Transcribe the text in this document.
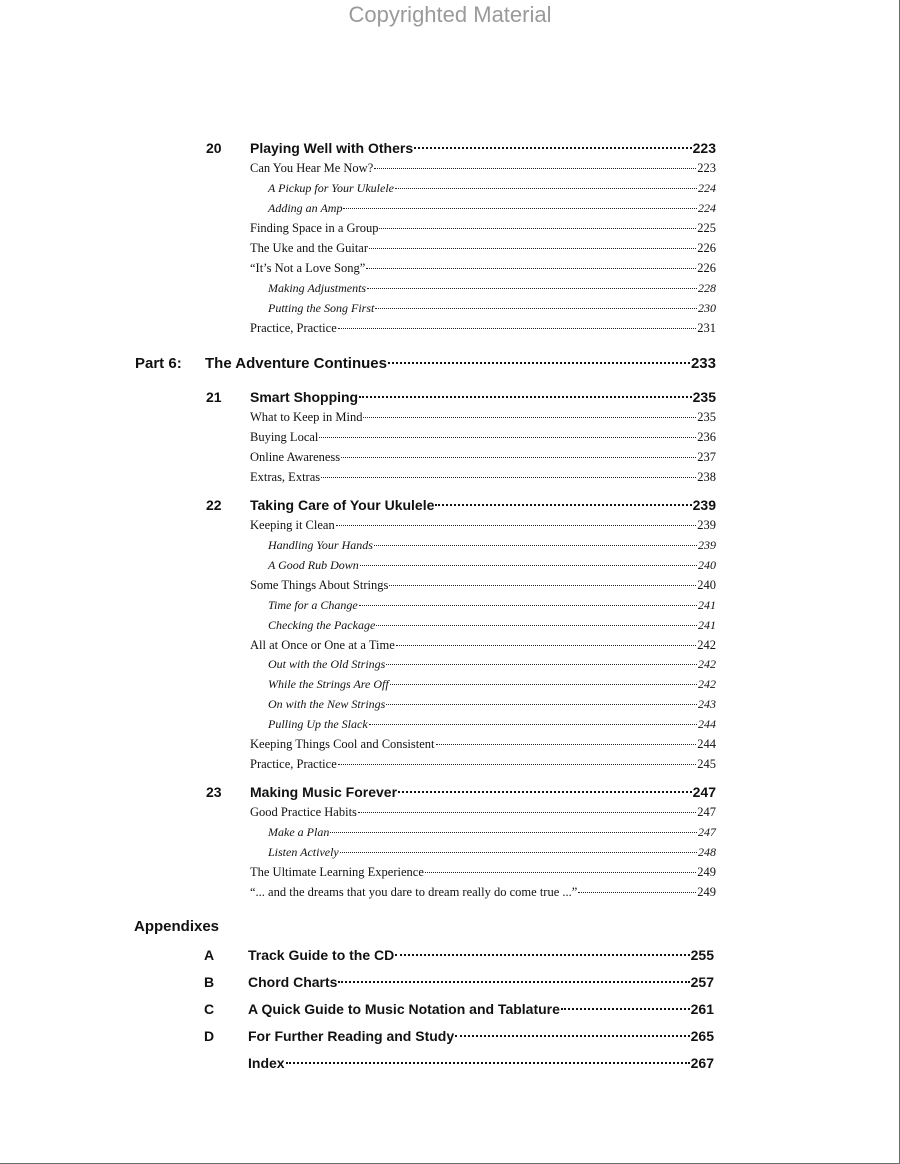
Copyrighted Material
20 Playing Well with Others	223
Can You Hear Me Now?	223
A Pickup for Your Ukulele	224
Adding an Amp	224
Finding Space in a Group	225
The Uke and the Guitar	226
“It’s Not a Love Song”	226
Making Adjustments	228
Putting the Song First	230
Practice, Practice	231
Part 6: The Adventure Continues	233
21 Smart Shopping	235
What to Keep in Mind	235
Buying Local	236
Online Awareness	237
Extras, Extras	238
22 Taking Care of Your Ukulele	239
Keeping it Clean	239
Handling Your Hands	239
A Good Rub Down	240
Some Things About Strings	240
Time for a Change	241
Checking the Package	241
All at Once or One at a Time	242
Out with the Old Strings	242
While the Strings Are Off	242
On with the New Strings	243
Pulling Up the Slack	244
Keeping Things Cool and Consistent	244
Practice, Practice	245
23 Making Music Forever	247
Good Practice Habits	247
Make a Plan	247
Listen Actively	248
The Ultimate Learning Experience	249
“... and the dreams that you dare to dream really do come true ...”	249
Appendixes
A Track Guide to the CD	255
B Chord Charts	257
C A Quick Guide to Music Notation and Tablature	261
D For Further Reading and Study	265
Index	267
